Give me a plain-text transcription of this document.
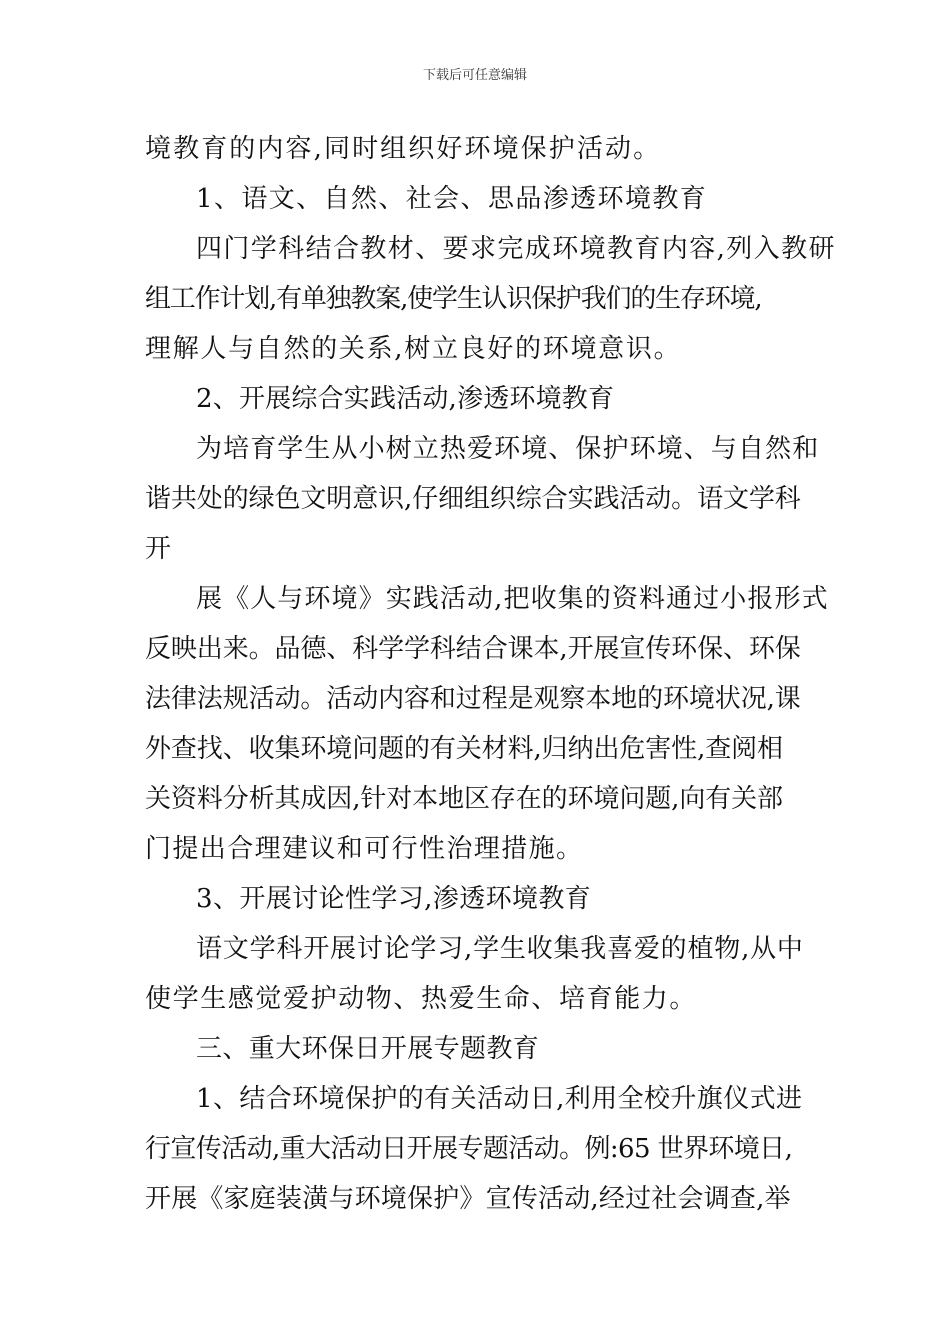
下载后可任意编辑
境教育的内容,同时组织好环境保护活动。
1、语文、自然、社会、思品渗透环境教育
四门学科结合教材、要求完成环境教育内容,列入教研
组工作计划,有单独教案,使学生认识保护我们的生存环境,
理解人与自然的关系,树立良好的环境意识。
2、开展综合实践活动,渗透环境教育
为培育学生从小树立热爱环境、保护环境、与自然和
谐共处的绿色文明意识,仔细组织综合实践活动。语文学科
开
展《人与环境》实践活动,把收集的资料通过小报形式
反映出来。品德、科学学科结合课本,开展宣传环保、环保
法律法规活动。活动内容和过程是观察本地的环境状况,课
外查找、收集环境问题的有关材料,归纳出危害性,查阅相
关资料分析其成因,针对本地区存在的环境问题,向有关部
门提出合理建议和可行性治理措施。
3、开展讨论性学习,渗透环境教育
语文学科开展讨论学习,学生收集我喜爱的植物,从中
使学生感觉爱护动物、热爱生命、培育能力。
三、重大环保日开展专题教育
1、结合环境保护的有关活动日,利用全校升旗仪式进
行宣传活动,重大活动日开展专题活动。例:65 世界环境日,
开展《家庭装潢与环境保护》宣传活动,经过社会调查,举
